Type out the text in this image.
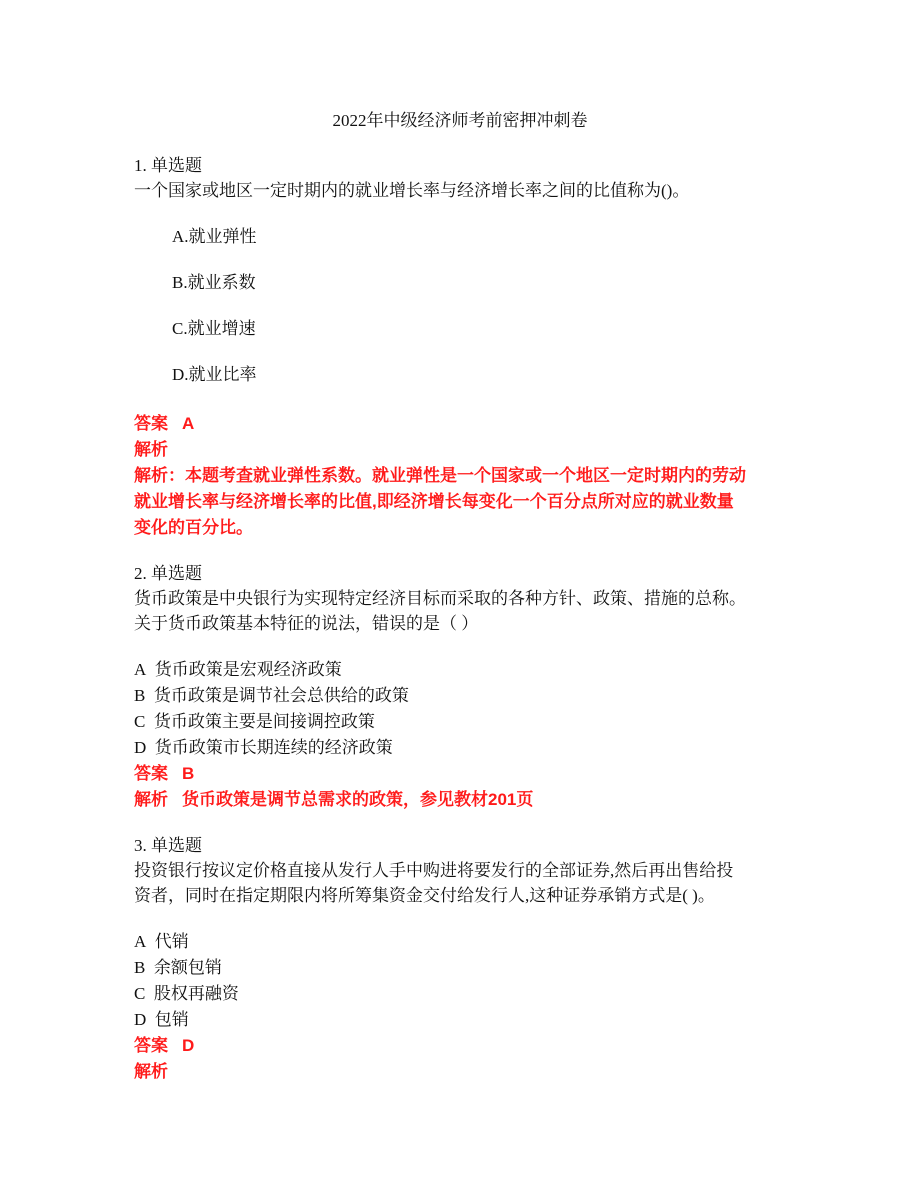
2022年中级经济师考前密押冲刺卷
1. 单选题
一个国家或地区一定时期内的就业增长率与经济增长率之间的比值称为()。
A.就业弹性
B.就业系数
C.就业增速
D.就业比率
答案 A
解析
解析：本题考查就业弹性系数。就业弹性是一个国家或一个地区一定时期内的劳动
就业增长率与经济增长率的比值,即经济增长每变化一个百分点所对应的就业数量
变化的百分比。
2. 单选题
货币政策是中央银行为实现特定经济目标而采取的各种方针、政策、措施的总称。
关于货币政策基本特征的说法，错误的是（ ）
A 货币政策是宏观经济政策
B 货币政策是调节社会总供给的政策
C 货币政策主要是间接调控政策
D 货币政策市长期连续的经济政策
答案 B
解析 货币政策是调节总需求的政策，参见教材201页
3. 单选题
投资银行按议定价格直接从发行人手中购进将要发行的全部证券,然后再出售给投
资者，同时在指定期限内将所筹集资金交付给发行人,这种证券承销方式是( )。
A 代销
B 余额包销
C 股权再融资
D 包销
答案 D
解析
